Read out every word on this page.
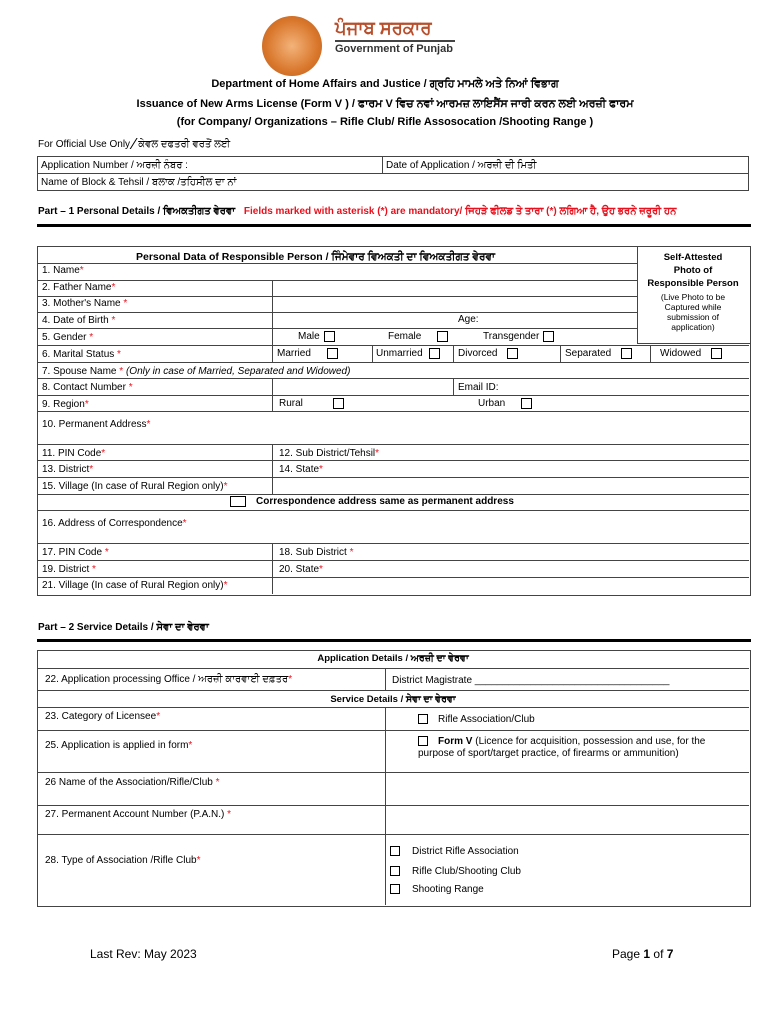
ਪੰਜਾਬ ਸਰਕਾਰ
Government of Punjab
Department of Home Affairs and Justice / ਗ੍ਰਹਿ ਮਾਮਲੇ ਅਤੇ ਨਿਆਂ ਵਿਭਾਗ
Issuance of New Arms License (Form V ) / ਫਾਰਮ V ਵਿਚ ਨਵਾਂ ਆਰਮਜ਼ ਲਾਇਸੈਂਸ ਜਾਰੀ ਕਰਨ ਲਈ ਅਰਜ਼ੀ ਫਾਰਮ
(for Company/ Organizations – Rifle Club/ Rifle Assosocation /Shooting Range )
For Official Use Only ⁄ ਕੇਵਲ ਦਫਤਰੀ ਵਰਤੋਂ ਲਈ
Application Number / ਅਰਜ਼ੀ ਨੰਬਰ :	Date of Application / ਅਰਜ਼ੀ ਦੀ ਮਿਤੀ
Name of Block & Tehsil / ਬਲਾਕ /ਤਹਿਸੀਲ ਦਾ ਨਾਂ
Part – 1 Personal Details / ਵਿਅਕਤੀਗਤ ਵੇਰਵਾ Fields marked with asterisk (*) are mandatory/ ਜਿਹੜੇ ਫੀਲਡ ਤੇ ਤਾਰਾ (*) ਲਗਿਆ ਹੈ, ਉਹ ਭਰਨੇ ਜ਼ਰੂਰੀ ਹਨ
Personal Data of Responsible Person / ਜਿੰਮੇਵਾਰ ਵਿਅਕਤੀ ਦਾ ਵਿਅਕਤੀਗਤ ਵੇਰਵਾ	Self-Attested
Photo of
Responsible Person
(Live Photo to be Captured while submission of application)
1. Name*
2. Father Name*
3. Mother's Name *
4. Date of Birth *	Age:
5. Gender *	Male	Female	Transgender
6. Marital Status *	Married	Unmarried	Divorced	Separated	Widowed
7. Spouse Name * (Only in case of Married, Separated and Widowed)
8. Contact Number *	Email ID:
9. Region*	Rural	Urban
10. Permanent Address*
11. PIN Code*	12. Sub District/Tehsil*
13. District*	14. State*
15. Village (In case of Rural Region only)*
Correspondence address same as permanent address
16. Address of Correspondence*
17. PIN Code *	18. Sub District *
19. District *	20. State*
21. Village (In case of Rural Region only)*
Part – 2 Service Details / ਸੇਵਾ ਦਾ ਵੇਰਵਾ
Application Details / ਅਰਜ਼ੀ ਦਾ ਵੇਰਵਾ
22. Application processing Office / ਅਰਜ਼ੀ ਕਾਰਵਾਈ ਦਫ਼ਤਰ*	District Magistrate ___________________________________
Service Details / ਸੇਵਾ ਦਾ ਵੇਰਵਾ
23. Category of Licensee*	Rifle Association/Club
25. Application is applied in form*	Form V (Licence for acquisition, possession and use, for the purpose of sport/target practice, of firearms or ammunition)
26 Name of the Association/Rifle/Club *
27. Permanent Account Number (P.A.N.) *
28. Type of Association /Rifle Club*
District Rifle Association
Rifle Club/Shooting Club
Shooting Range
Last Rev: May 2023	Page 1 of 7
